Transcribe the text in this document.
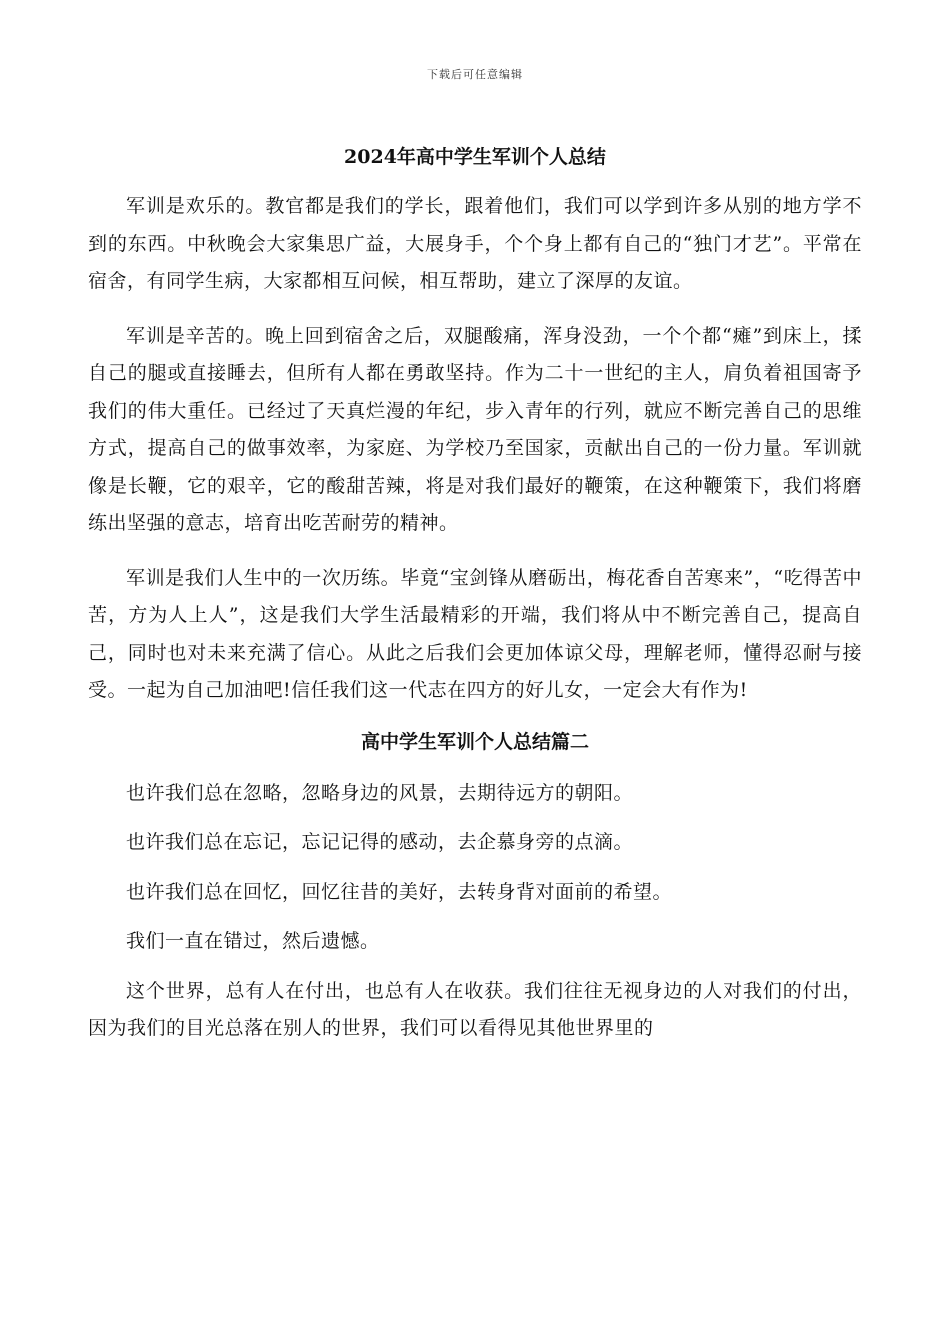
下载后可任意编辑
2024年高中学生军训个人总结

军训是欢乐的。教官都是我们的学长，跟着他们，我们可以学到许多从别的地方学不到的东西。中秋晚会大家集思广益，大展身手，个个身上都有自己的“独门才艺”。平常在宿舍，有同学生病，大家都相互问候，相互帮助，建立了深厚的友谊。

军训是辛苦的。晚上回到宿舍之后，双腿酸痛，浑身没劲，一个个都“瘫”到床上，揉自己的腿或直接睡去，但所有人都在勇敢坚持。作为二十一世纪的主人，肩负着祖国寄予我们的伟大重任。已经过了天真烂漫的年纪，步入青年的行列，就应不断完善自己的思维方式，提高自己的做事效率，为家庭、为学校乃至国家，贡献出自己的一份力量。军训就像是长鞭，它的艰辛，它的酸甜苦辣，将是对我们最好的鞭策，在这种鞭策下，我们将磨练出坚强的意志，培育出吃苦耐劳的精神。

军训是我们人生中的一次历练。毕竟“宝剑锋从磨砺出，梅花香自苦寒来”，“吃得苦中苦，方为人上人”，这是我们大学生活最精彩的开端，我们将从中不断完善自己，提高自己，同时也对未来充满了信心。从此之后我们会更加体谅父母，理解老师，懂得忍耐与接受。一起为自己加油吧!信任我们这一代志在四方的好儿女，一定会大有作为!

高中学生军训个人总结篇二

也许我们总在忽略，忽略身边的风景，去期待远方的朝阳。

也许我们总在忘记，忘记记得的感动，去企慕身旁的点滴。

也许我们总在回忆，回忆往昔的美好，去转身背对面前的希望。

我们一直在错过，然后遗憾。

这个世界，总有人在付出，也总有人在收获。我们往往无视身边的人对我们的付出，因为我们的目光总落在别人的世界，我们可以看得见其他世界里的
